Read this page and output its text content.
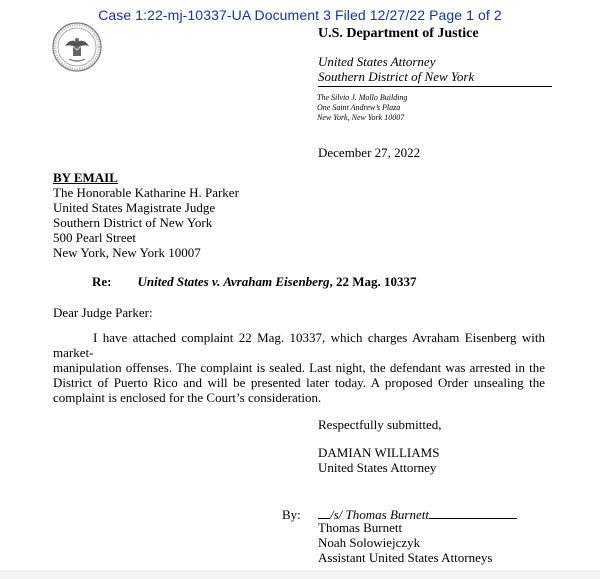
Case 1:22-mj-10337-UA Document 3 Filed 12/27/22 Page 1 of 2
U.S. Department of Justice
United States Attorney
Southern District of New York
The Silvio J. Mollo Building
One Saint Andrew’s Plaza
New York, New York 10007
December 27, 2022
BY EMAIL
The Honorable Katharine H. Parker
United States Magistrate Judge
Southern District of New York
500 Pearl Street
New York, New York 10007
Re: United States v. Avraham Eisenberg, 22 Mag. 10337
Dear Judge Parker:
I have attached complaint 22 Mag. 10337, which charges Avraham Eisenberg with market-
manipulation offenses. The complaint is sealed. Last night, the defendant was arrested in the
District of Puerto Rico and will be presented later today. A proposed Order unsealing the
complaint is enclosed for the Court’s consideration.
Respectfully submitted,
DAMIAN WILLIAMS
United States Attorney
By:	/s/ Thomas Burnett
Thomas Burnett
Noah Solowiejczyk
Assistant United States Attorneys
